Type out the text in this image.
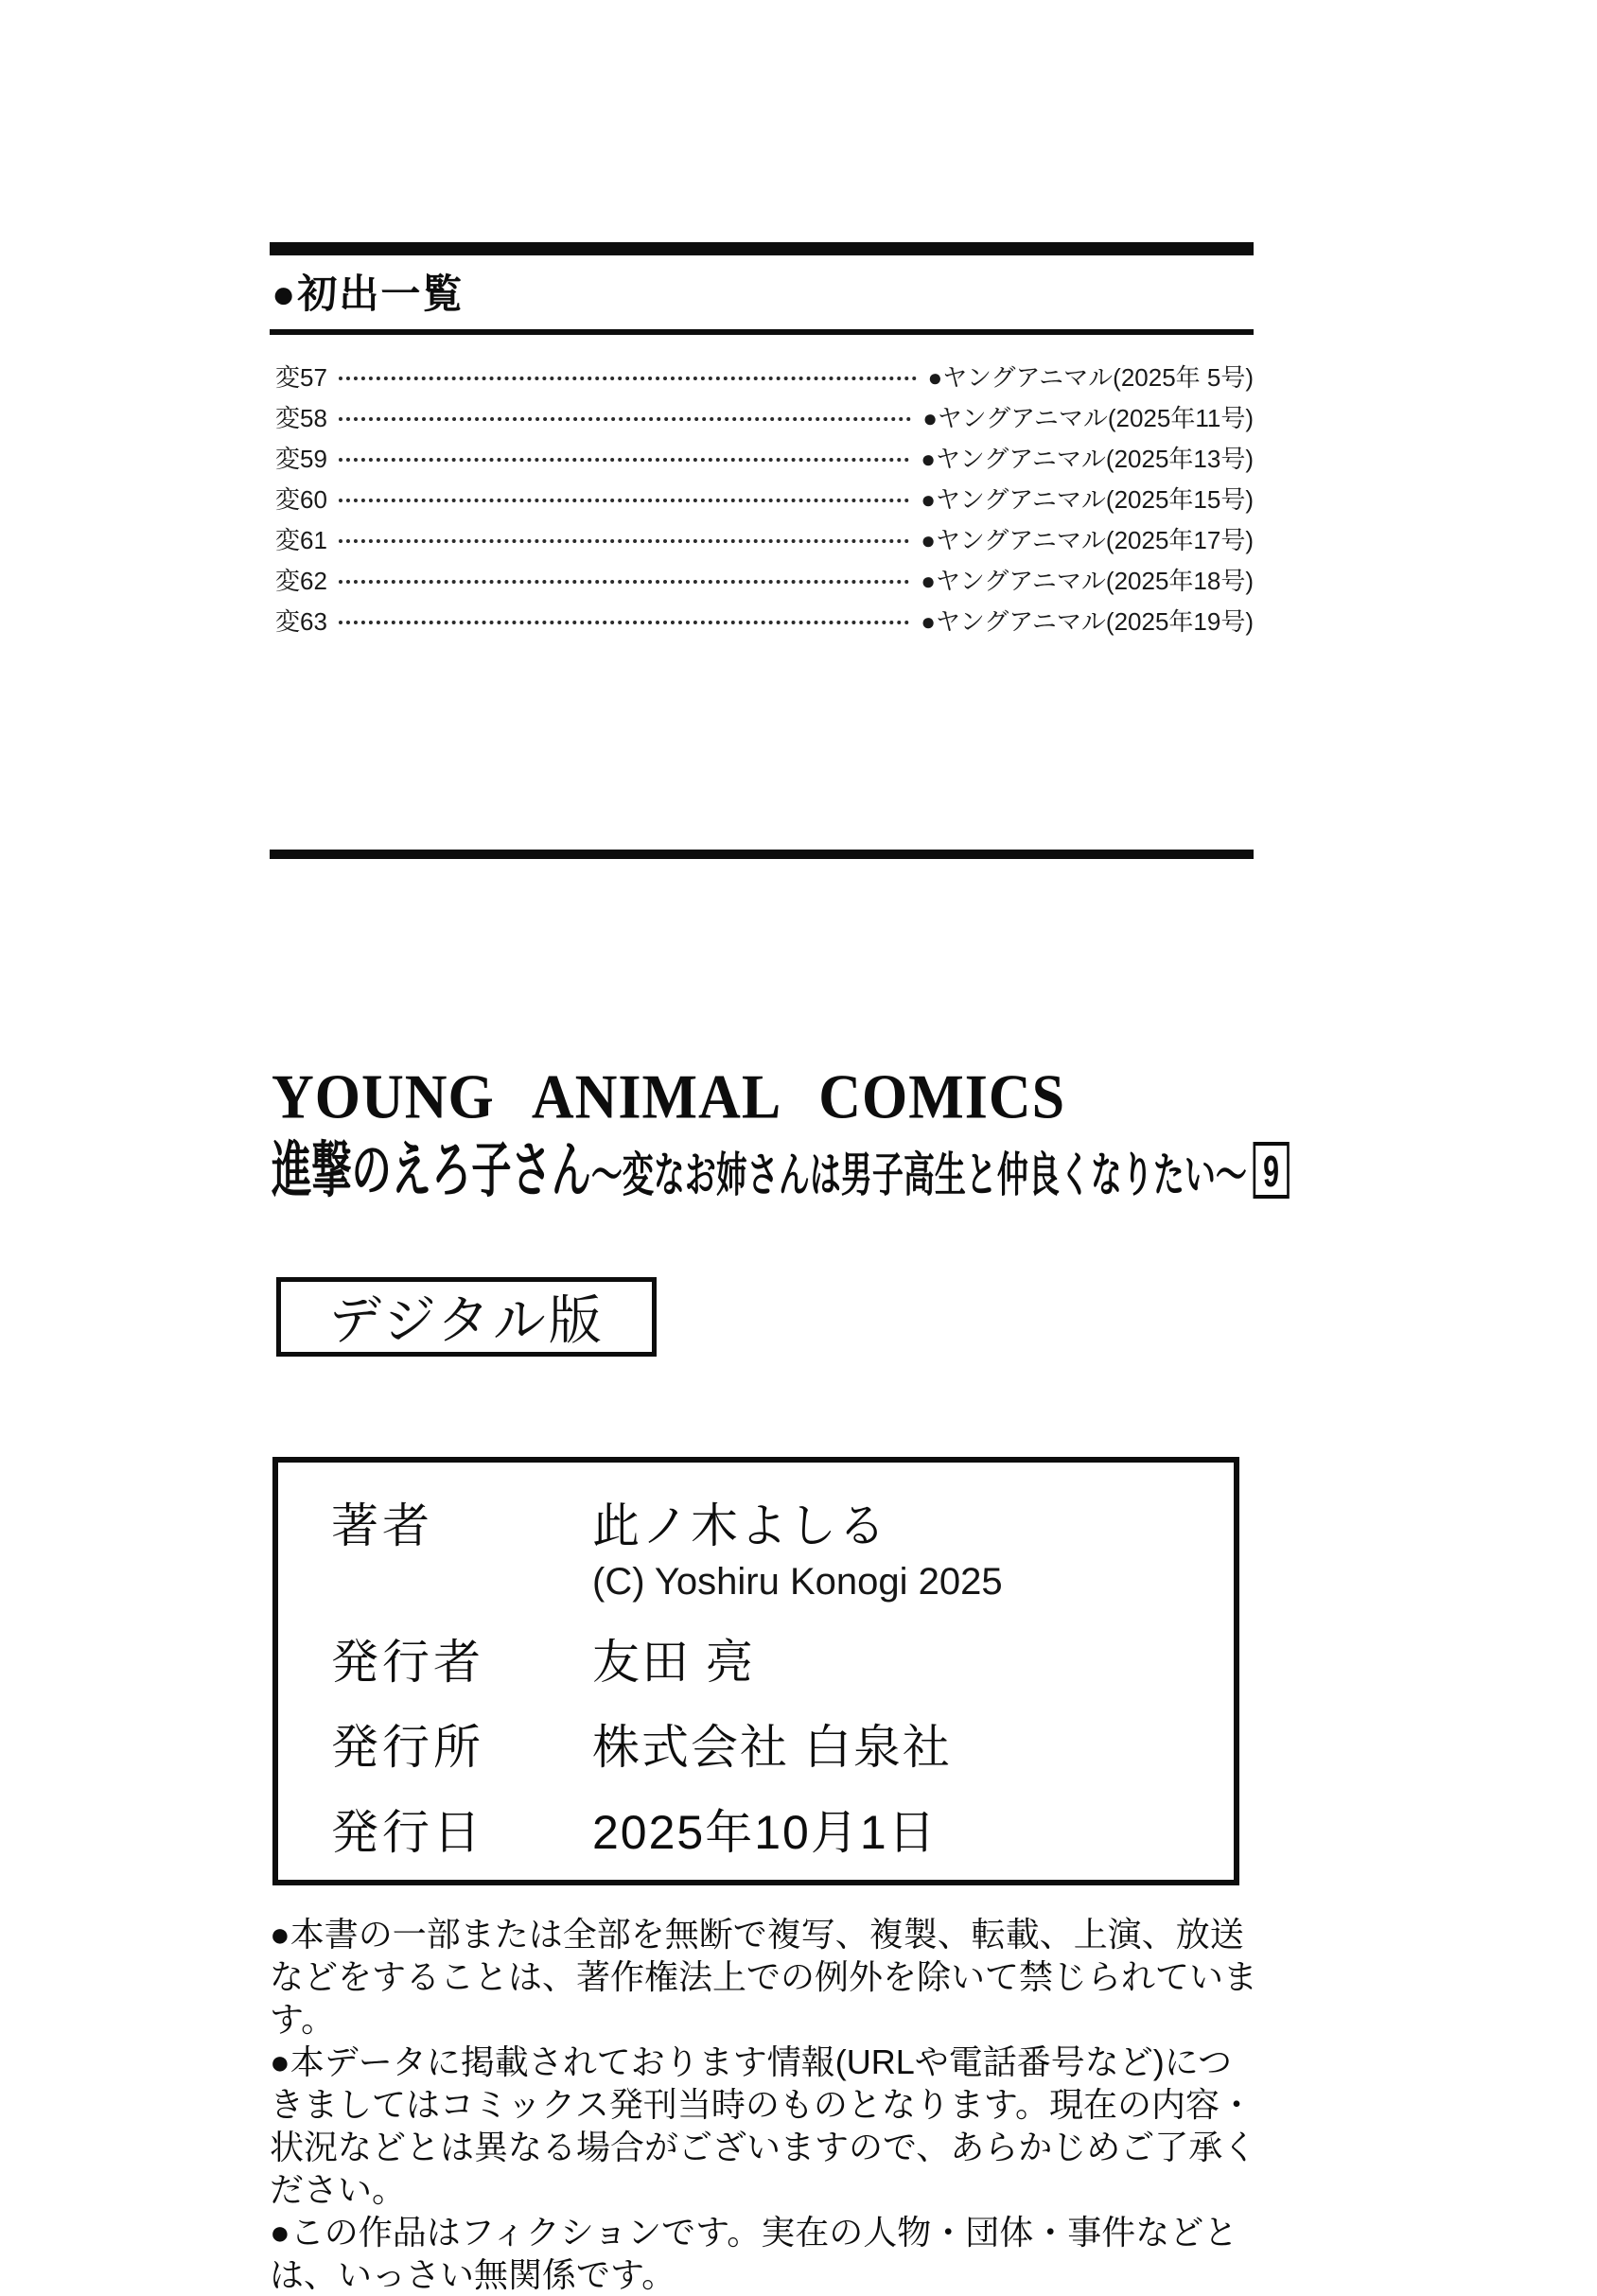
●初出一覧
変57	●ヤングアニマル(2025年 5号)
変58	●ヤングアニマル(2025年11号)
変59	●ヤングアニマル(2025年13号)
変60	●ヤングアニマル(2025年15号)
変61	●ヤングアニマル(2025年17号)
変62	●ヤングアニマル(2025年18号)
変63	●ヤングアニマル(2025年19号)
YOUNG ANIMAL COMICS
進撃のえろ子さん ～変なお姉さんは男子高生と仲良くなりたい～ 9
デジタル版
著者	此ノ木よしる
(C) Yoshiru Konogi 2025
発行者	友田 亮
発行所	株式会社 白泉社
発行日	2025年10月1日

●本書の一部または全部を無断で複写、複製、転載、上演、放送などをすることは、著作権法上での例外を除いて禁じられています。

●本データに掲載されております情報(URLや電話番号など)につきましてはコミックス発刊当時のものとなります。現在の内容・状況などとは異なる場合がございますので、あらかじめご了承ください。

●この作品はフィクションです。実在の人物・団体・事件などとは、いっさい無関係です。
